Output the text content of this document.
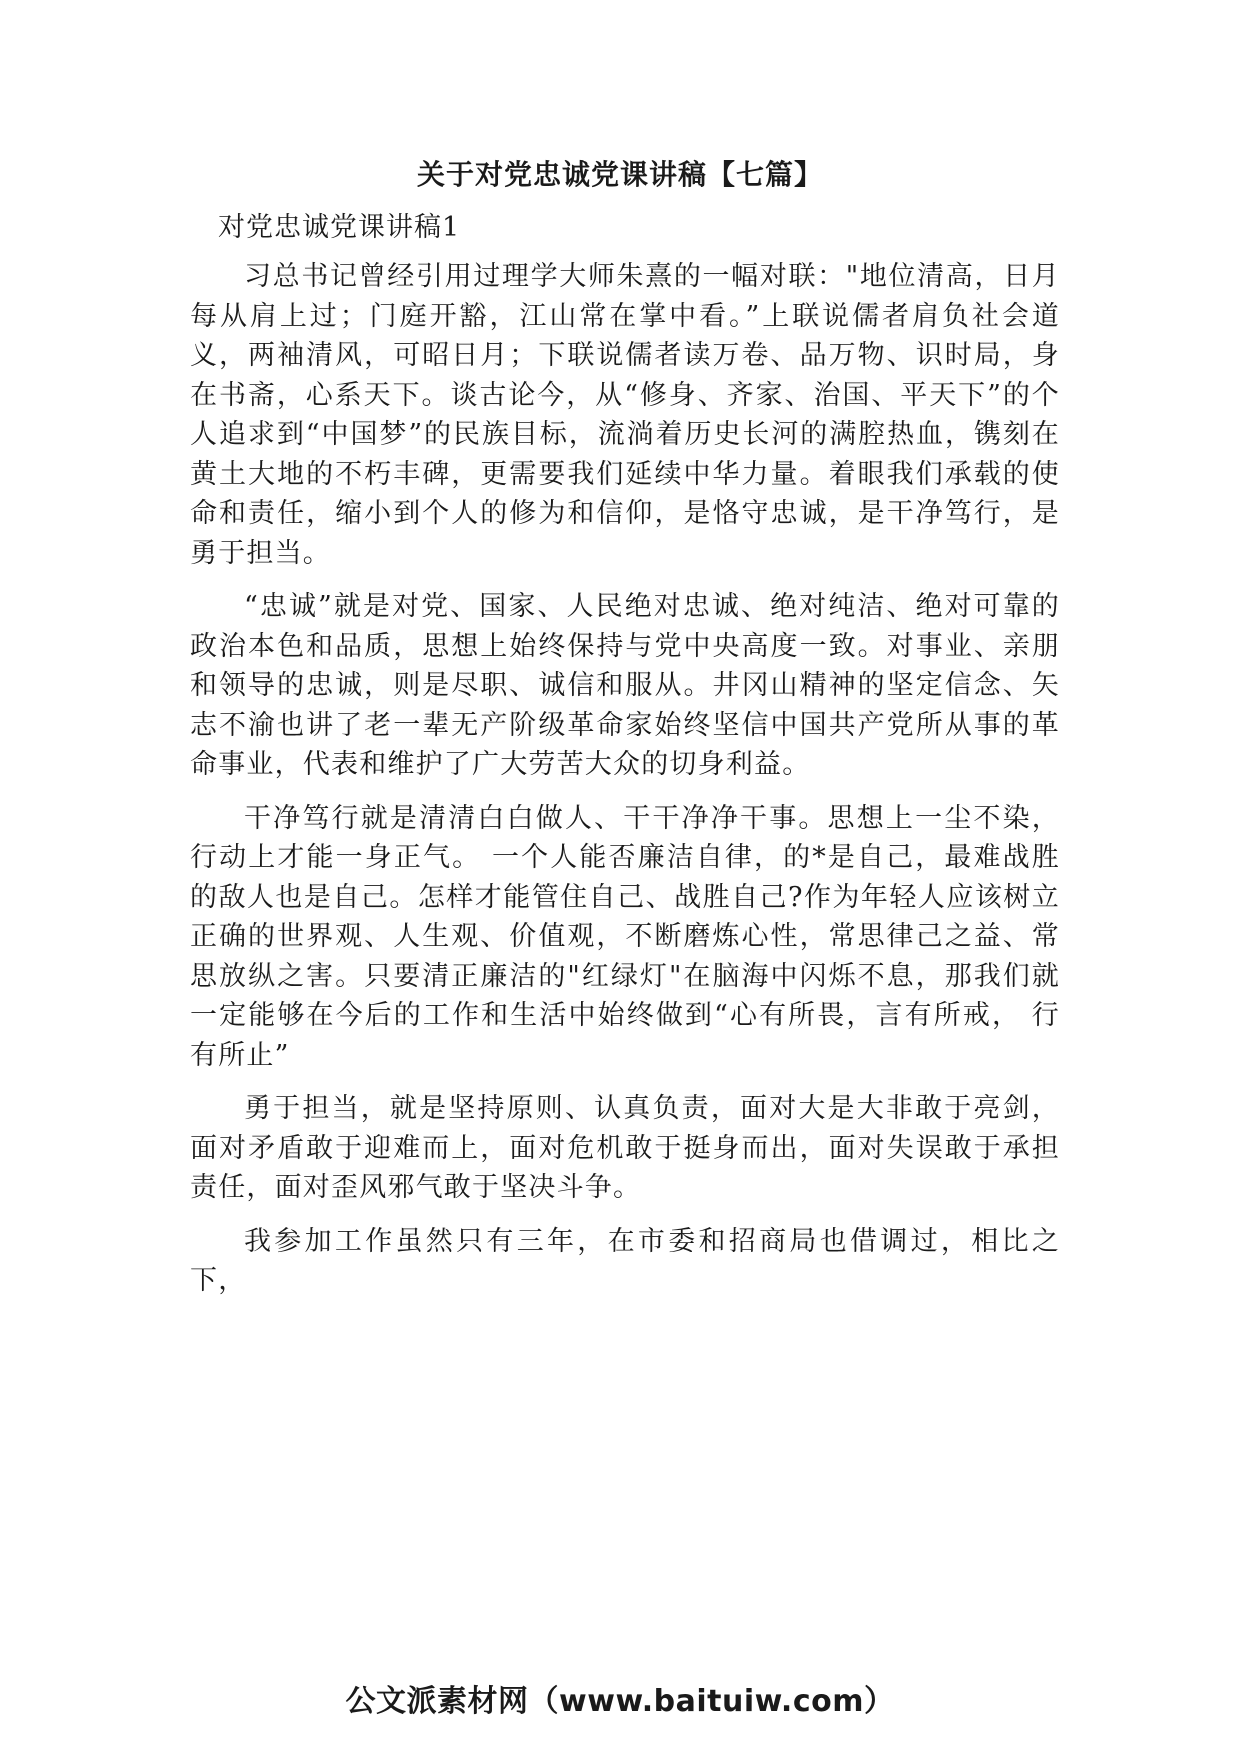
关于对党忠诚党课讲稿【七篇】

对党忠诚党课讲稿1

习总书记曾经引用过理学大师朱熹的一幅对联："地位清高，日月每从肩上过；门庭开豁，江山常在掌中看。”上联说儒者肩负社会道义，两袖清风，可昭日月；下联说儒者读万卷、品万物、识时局，身在书斋，心系天下。谈古论今，从“修身、齐家、治国、平天下”的个人追求到“中国梦”的民族目标，流淌着历史长河的满腔热血，镌刻在黄土大地的不朽丰碑，更需要我们延续中华力量。着眼我们承载的使命和责任，缩小到个人的修为和信仰，是恪守忠诚，是干净笃行，是勇于担当。

“忠诚”就是对党、国家、人民绝对忠诚、绝对纯洁、绝对可靠的政治本色和品质，思想上始终保持与党中央高度一致。对事业、亲朋和领导的忠诚，则是尽职、诚信和服从。井冈山精神的坚定信念、矢志不渝也讲了老一辈无产阶级革命家始终坚信中国共产党所从事的革命事业，代表和维护了广大劳苦大众的切身利益。

干净笃行就是清清白白做人、干干净净干事。思想上一尘不染，行动上才能一身正气。 一个人能否廉洁自律，的*是自己，最难战胜的敌人也是自己。怎样才能管住自己、战胜自己?作为年轻人应该树立正确的世界观、人生观、价值观，不断磨炼心性，常思律己之益、常思放纵之害。只要清正廉洁的"红绿灯"在脑海中闪烁不息，那我们就一定能够在今后的工作和生活中始终做到“心有所畏，言有所戒， 行有所止”

勇于担当，就是坚持原则、认真负责，面对大是大非敢于亮剑，面对矛盾敢于迎难而上，面对危机敢于挺身而出，面对失误敢于承担责任，面对歪风邪气敢于坚决斗争。

我参加工作虽然只有三年，在市委和招商局也借调过，相比之下，

公文派素材网（www.baituiw.com）
